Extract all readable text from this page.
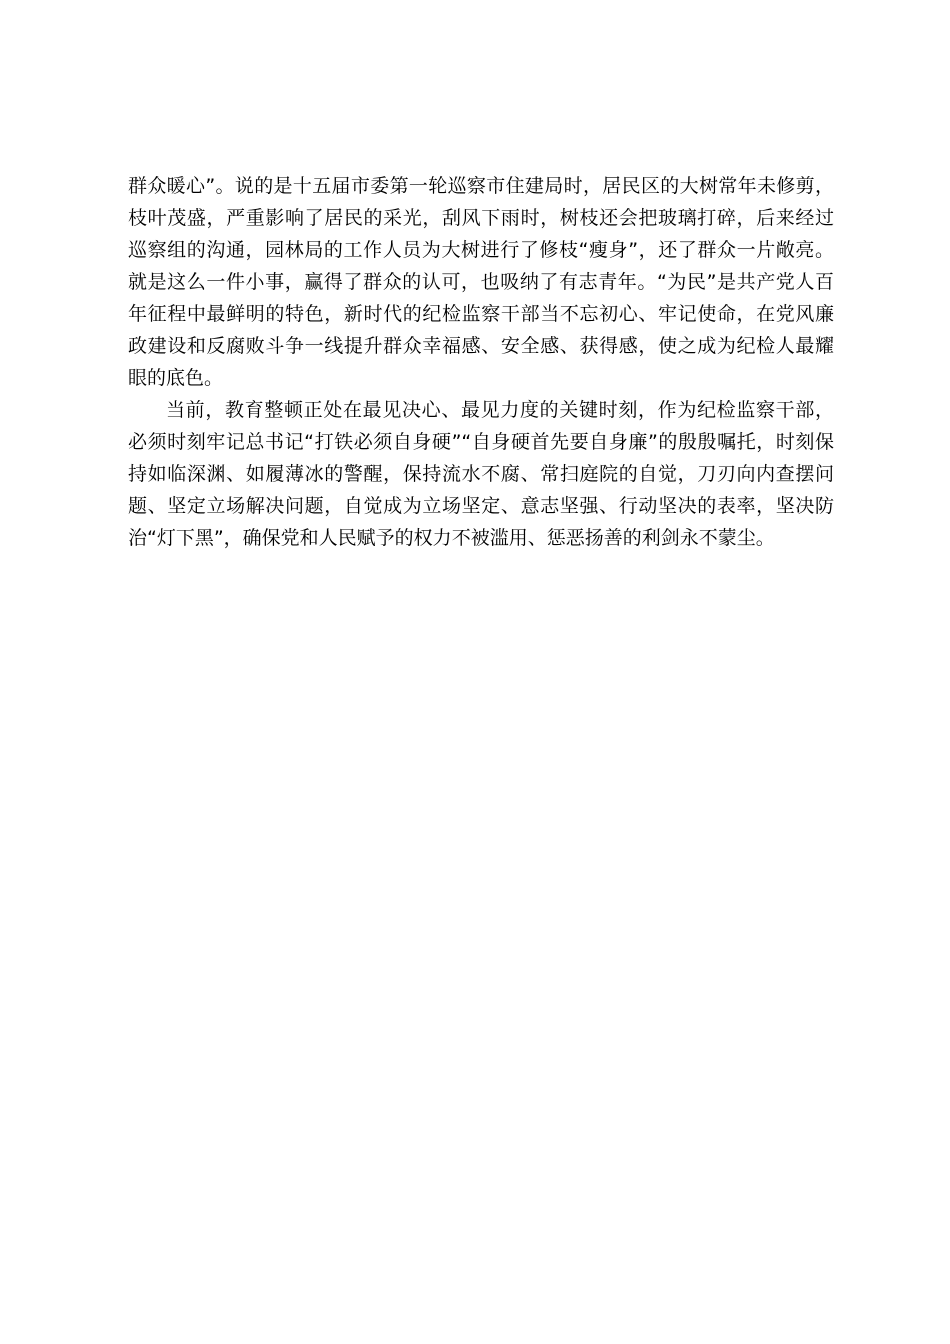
群众暖心”。说的是十五届市委第一轮巡察市住建局时，居民区的大树常年未修剪，
枝叶茂盛，严重影响了居民的采光，刮风下雨时，树枝还会把玻璃打碎，后来经过
巡察组的沟通，园林局的工作人员为大树进行了修枝“瘦身”，还了群众一片敞亮。
就是这么一件小事，赢得了群众的认可，也吸纳了有志青年。“为民”是共产党人百
年征程中最鲜明的特色，新时代的纪检监察干部当不忘初心、牢记使命，在党风廉
政建设和反腐败斗争一线提升群众幸福感、安全感、获得感，使之成为纪检人最耀
眼的底色。
当前，教育整顿正处在最见决心、最见力度的关键时刻，作为纪检监察干部，
必须时刻牢记总书记“打铁必须自身硬”“自身硬首先要自身廉”的殷殷嘱托，时刻保
持如临深渊、如履薄冰的警醒，保持流水不腐、常扫庭院的自觉，刀刃向内查摆问
题、坚定立场解决问题，自觉成为立场坚定、意志坚强、行动坚决的表率，坚决防
治“灯下黑”，确保党和人民赋予的权力不被滥用、惩恶扬善的利剑永不蒙尘。
